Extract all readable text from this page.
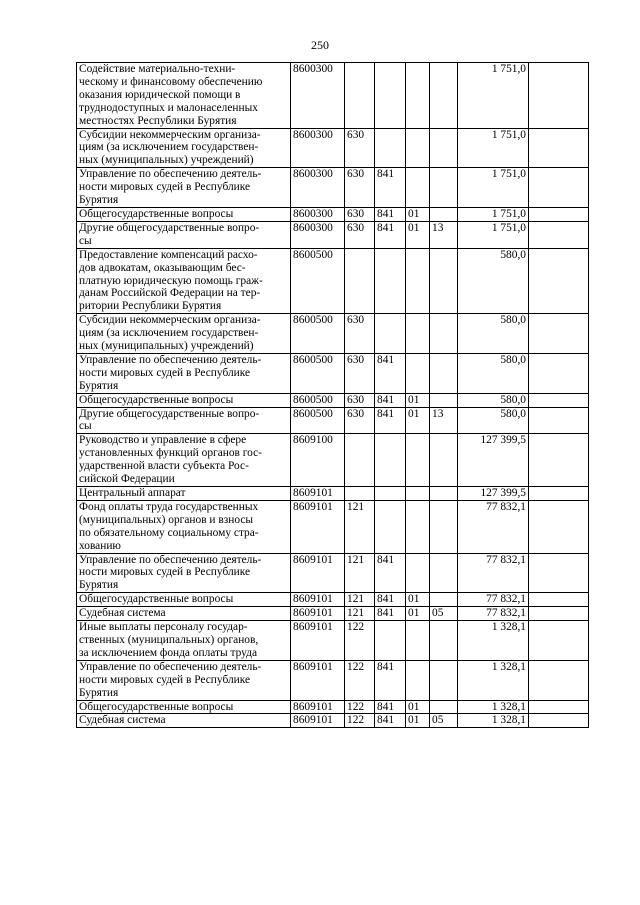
250
Содействие материально-техни-
ческому и финансовому обеспечению
оказания юридической помощи в
труднодоступных и малонаселенных
местностях Республики Бурятия	8600300					1 751,0	

Субсидии некоммерческим организа-
циям (за исключением государствен-
ных (муниципальных) учреждений)	8600300	630				1 751,0	

Управление по обеспечению деятель-
ности мировых судей в Республике
Бурятия	8600300	630	841			1 751,0	

Общегосударственные вопросы	8600300	630	841	01		1 751,0	

Другие общегосударственные вопро-
сы	8600300	630	841	01	13	1 751,0	

Предоставление компенсаций расхо-
дов адвокатам, оказывающим бес-
платную юридическую помощь граж-
данам Российской Федерации на тер-
ритории Республики Бурятия	8600500					580,0	

Субсидии некоммерческим организа-
циям (за исключением государствен-
ных (муниципальных) учреждений)	8600500	630				580,0	

Управление по обеспечению деятель-
ности мировых судей в Республике
Бурятия	8600500	630	841			580,0	

Общегосударственные вопросы	8600500	630	841	01		580,0	

Другие общегосударственные вопро-
сы	8600500	630	841	01	13	580,0	

Руководство и управление в сфере
установленных функций органов гос-
ударственной власти субъекта Рос-
сийской Федерации	8609100					127 399,5	

Центральный аппарат	8609101					127 399,5	

Фонд оплаты труда государственных
(муниципальных) органов и взносы
по обязательному социальному стра-
хованию	8609101	121				77 832,1	

Управление по обеспечению деятель-
ности мировых судей в Республике
Бурятия	8609101	121	841			77 832,1	

Общегосударственные вопросы	8609101	121	841	01		77 832,1	

Судебная система	8609101	121	841	01	05	77 832,1	

Иные выплаты персоналу государ-
ственных (муниципальных) органов,
за исключением фонда оплаты труда	8609101	122				1 328,1	

Управление по обеспечению деятель-
ности мировых судей в Республике
Бурятия	8609101	122	841			1 328,1	

Общегосударственные вопросы	8609101	122	841	01		1 328,1	

Судебная система	8609101	122	841	01	05	1 328,1	
